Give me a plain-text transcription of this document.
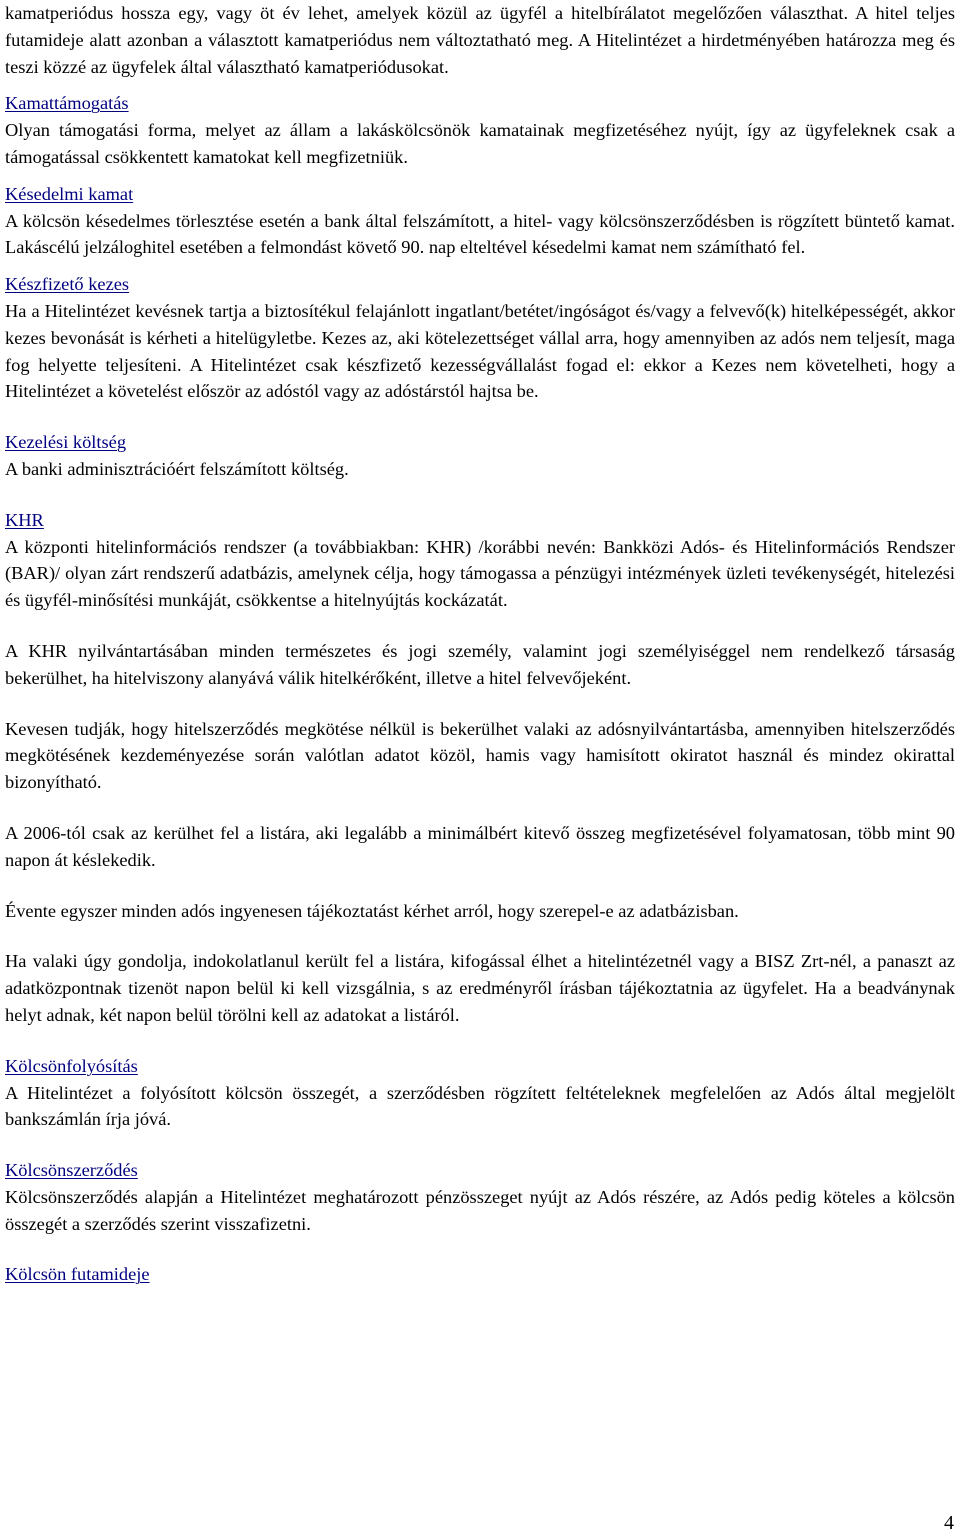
kamatperiódus hossza egy, vagy öt év lehet, amelyek közül az ügyfél a hitelbírálatot megelőzően választhat. A hitel teljes futamideje alatt azonban a választott kamatperiódus nem változtatható meg. A Hitelintézet a hirdetményében határozza meg és teszi közzé az ügyfelek által választható kamatperiódusokat.

Kamattámogatás

Olyan támogatási forma, melyet az állam a lakáskölcsönök kamatainak megfizetéséhez nyújt, így az ügyfeleknek csak a támogatással csökkentett kamatokat kell megfizetniük.

Késedelmi kamat

A kölcsön késedelmes törlesztése esetén a bank által felszámított, a hitel- vagy kölcsönszerződésben is rögzített büntető kamat. Lakáscélú jelzáloghitel esetében a felmondást követő 90. nap elteltével késedelmi kamat nem számítható fel.

Készfizető kezes

Ha a Hitelintézet kevésnek tartja a biztosítékul felajánlott ingatlant/betétet/ingóságot és/vagy a felvevő(k) hitelképességét, akkor kezes bevonását is kérheti a hitelügyletbe. Kezes az, aki kötelezettséget vállal arra, hogy amennyiben az adós nem teljesít, maga fog helyette teljesíteni. A Hitelintézet csak készfizető kezességvállalást fogad el: ekkor a Kezes nem követelheti, hogy a Hitelintézet a követelést először az adóstól vagy az adóstárstól hajtsa be.

Kezelési költség

A banki adminisztrációért felszámított költség.

KHR

A központi hitelinformációs rendszer (a továbbiakban: KHR) /korábbi nevén: Bankközi Adós- és Hitelinformációs Rendszer (BAR)/ olyan zárt rendszerű adatbázis, amelynek célja, hogy támogassa a pénzügyi intézmények üzleti tevékenységét, hitelezési és ügyfél-minősítési munkáját, csökkentse a hitelnyújtás kockázatát.

A KHR nyilvántartásában minden természetes és jogi személy, valamint jogi személyiséggel nem rendelkező társaság bekerülhet, ha hitelviszony alanyává válik hitelkérőként, illetve a hitel felvevőjeként.

Kevesen tudják, hogy hitelszerződés megkötése nélkül is bekerülhet valaki az adósnyilvántartásba, amennyiben hitelszerződés megkötésének kezdeményezése során valótlan adatot közöl, hamis vagy hamisított okiratot használ és mindez okirattal bizonyítható.

A 2006-tól csak az kerülhet fel a listára, aki legalább a minimálbért kitevő összeg megfizetésével folyamatosan, több mint 90 napon át késlekedik.

Évente egyszer minden adós ingyenesen tájékoztatást kérhet arról, hogy szerepel-e az adatbázisban.

Ha valaki úgy gondolja, indokolatlanul került fel a listára, kifogással élhet a hitelintézetnél vagy a BISZ Zrt-nél, a panaszt az adatközpontnak tizenöt napon belül ki kell vizsgálnia, s az eredményről írásban tájékoztatnia az ügyfelet. Ha a beadványnak helyt adnak, két napon belül törölni kell az adatokat a listáról.

Kölcsönfolyósítás

A Hitelintézet a folyósított kölcsön összegét, a szerződésben rögzített feltételeknek megfelelően az Adós által megjelölt bankszámlán írja jóvá.

Kölcsönszerződés

Kölcsönszerződés alapján a Hitelintézet meghatározott pénzösszeget nyújt az Adós részére, az Adós pedig köteles a kölcsön összegét a szerződés szerint visszafizetni.

Kölcsön futamideje

4
